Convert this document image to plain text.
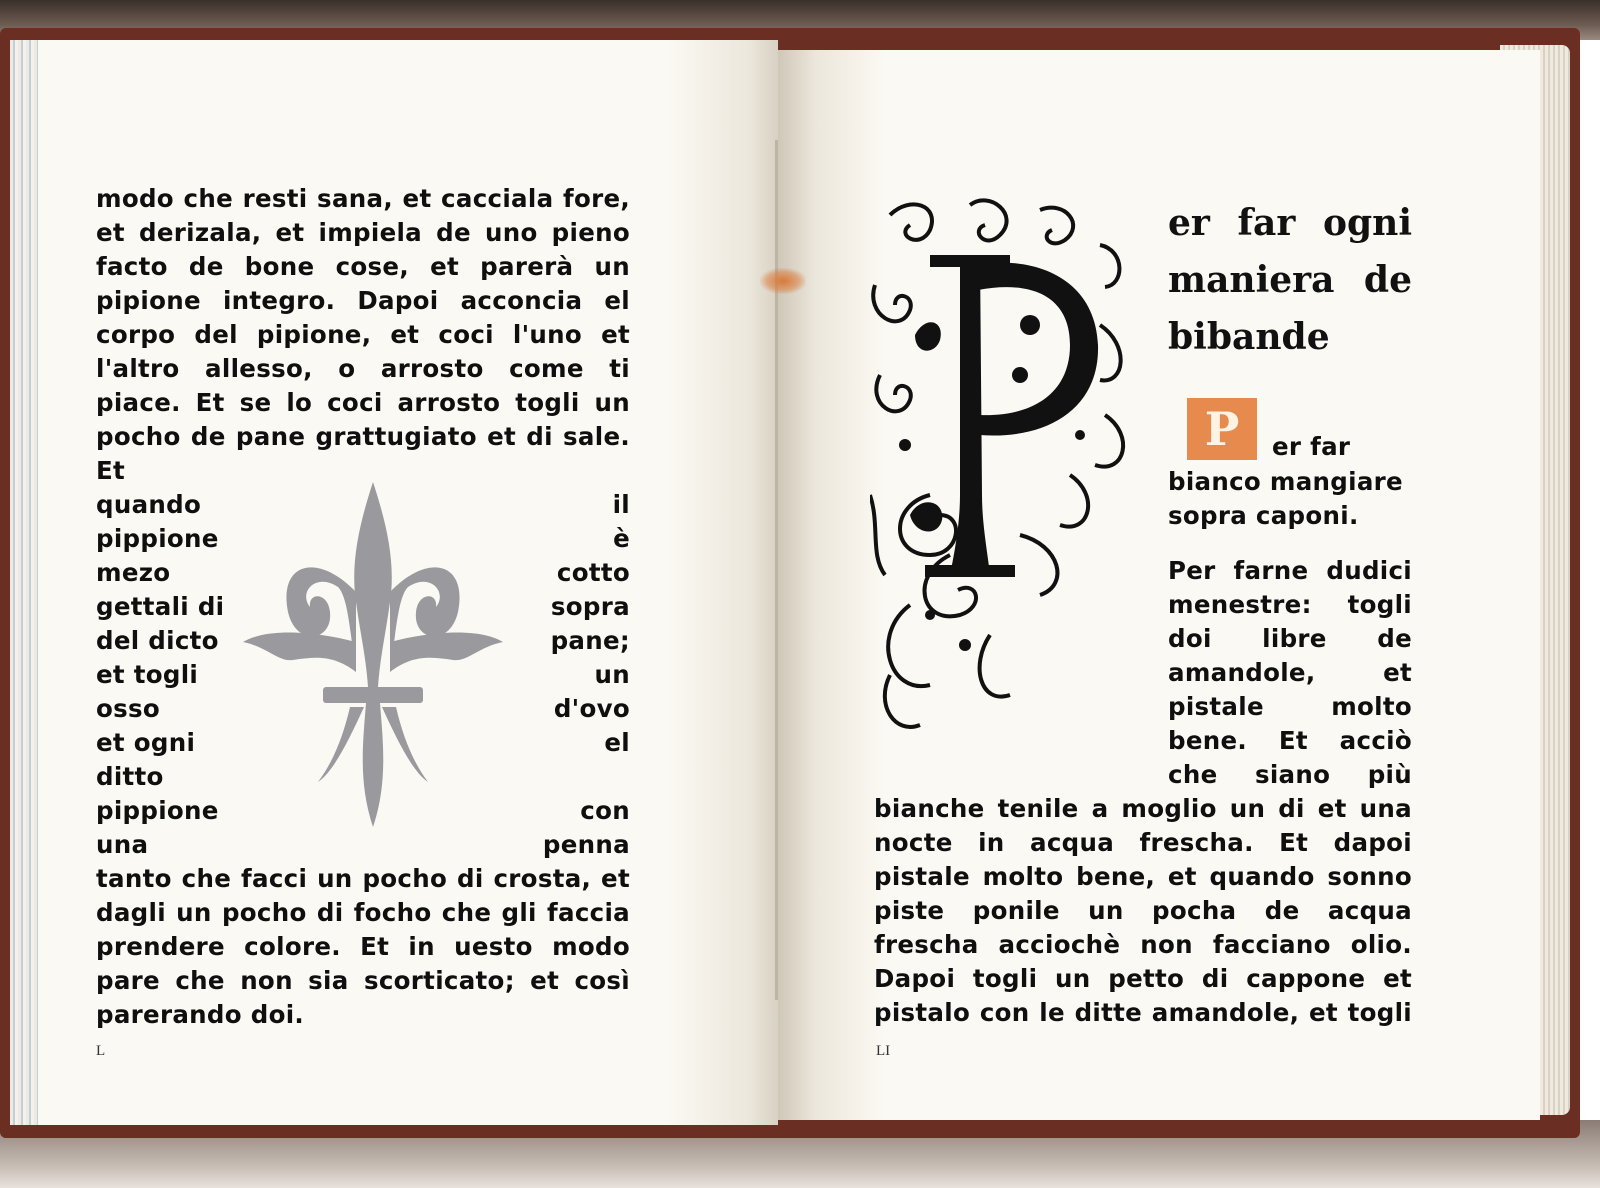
modo che resti sana, et cacciala fore,
et derizala, et impiela de uno pieno
facto de bone cose, et parerà un
pipione integro. Dapoi acconcia el
corpo del pipione, et coci l'uno et
l'altro allesso, o arrosto come ti
piace. Et se lo coci arrosto togli un
pocho de pane grattugiato et di sale.
Et
quando	il
pippione	è
mezo	cotto
gettali di	sopra
del dicto	pane;
et togli	un
osso	d'ovo
et ogni	el
ditto
pippione	con
una	penna
tanto che facci un pocho di crosta, et
dagli un pocho di focho che gli faccia
prendere colore. Et in uesto modo
pare che non sia scorticato; et così
parerando doi.
L
er far ogni
maniera de
bibande
P	er far
bianco mangiare
sopra caponi.
Per farne dudici
menestre: togli
doi libre de
amandole, et
pistale molto
bene. Et acciò
che siano più
bianche tenile a moglio un di et una
nocte in acqua frescha. Et dapoi
pistale molto bene, et quando sonno
piste ponile un pocha de acqua
frescha acciochè non facciano olio.
Dapoi togli un petto di cappone et
pistalo con le ditte amandole, et togli
LI
